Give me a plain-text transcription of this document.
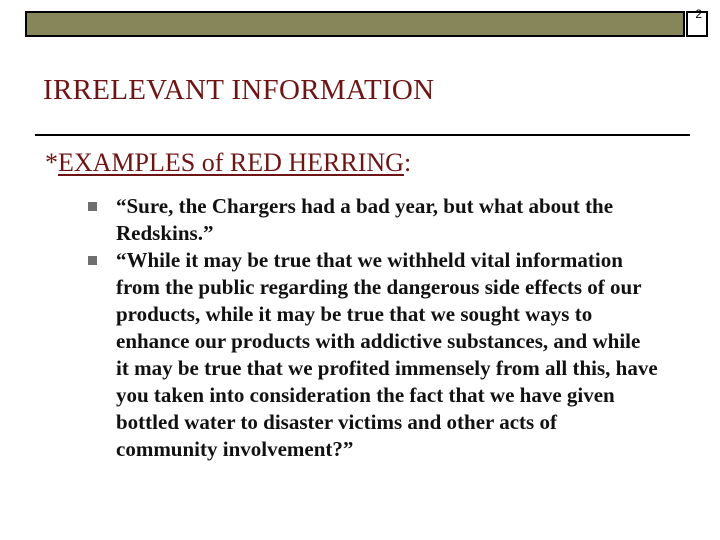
2
IRRELEVANT INFORMATION
*EXAMPLES of RED HERRING:
“Sure, the Chargers had a bad year, but what about the Redskins.”
“While it may be true that we withheld vital information from the public regarding the dangerous side effects of our products, while it may be true that we sought ways to enhance our products with addictive substances, and while it may be true that we profited immensely from all this, have you taken into consideration the fact that we have given bottled water to disaster victims and other acts of community involvement?”
